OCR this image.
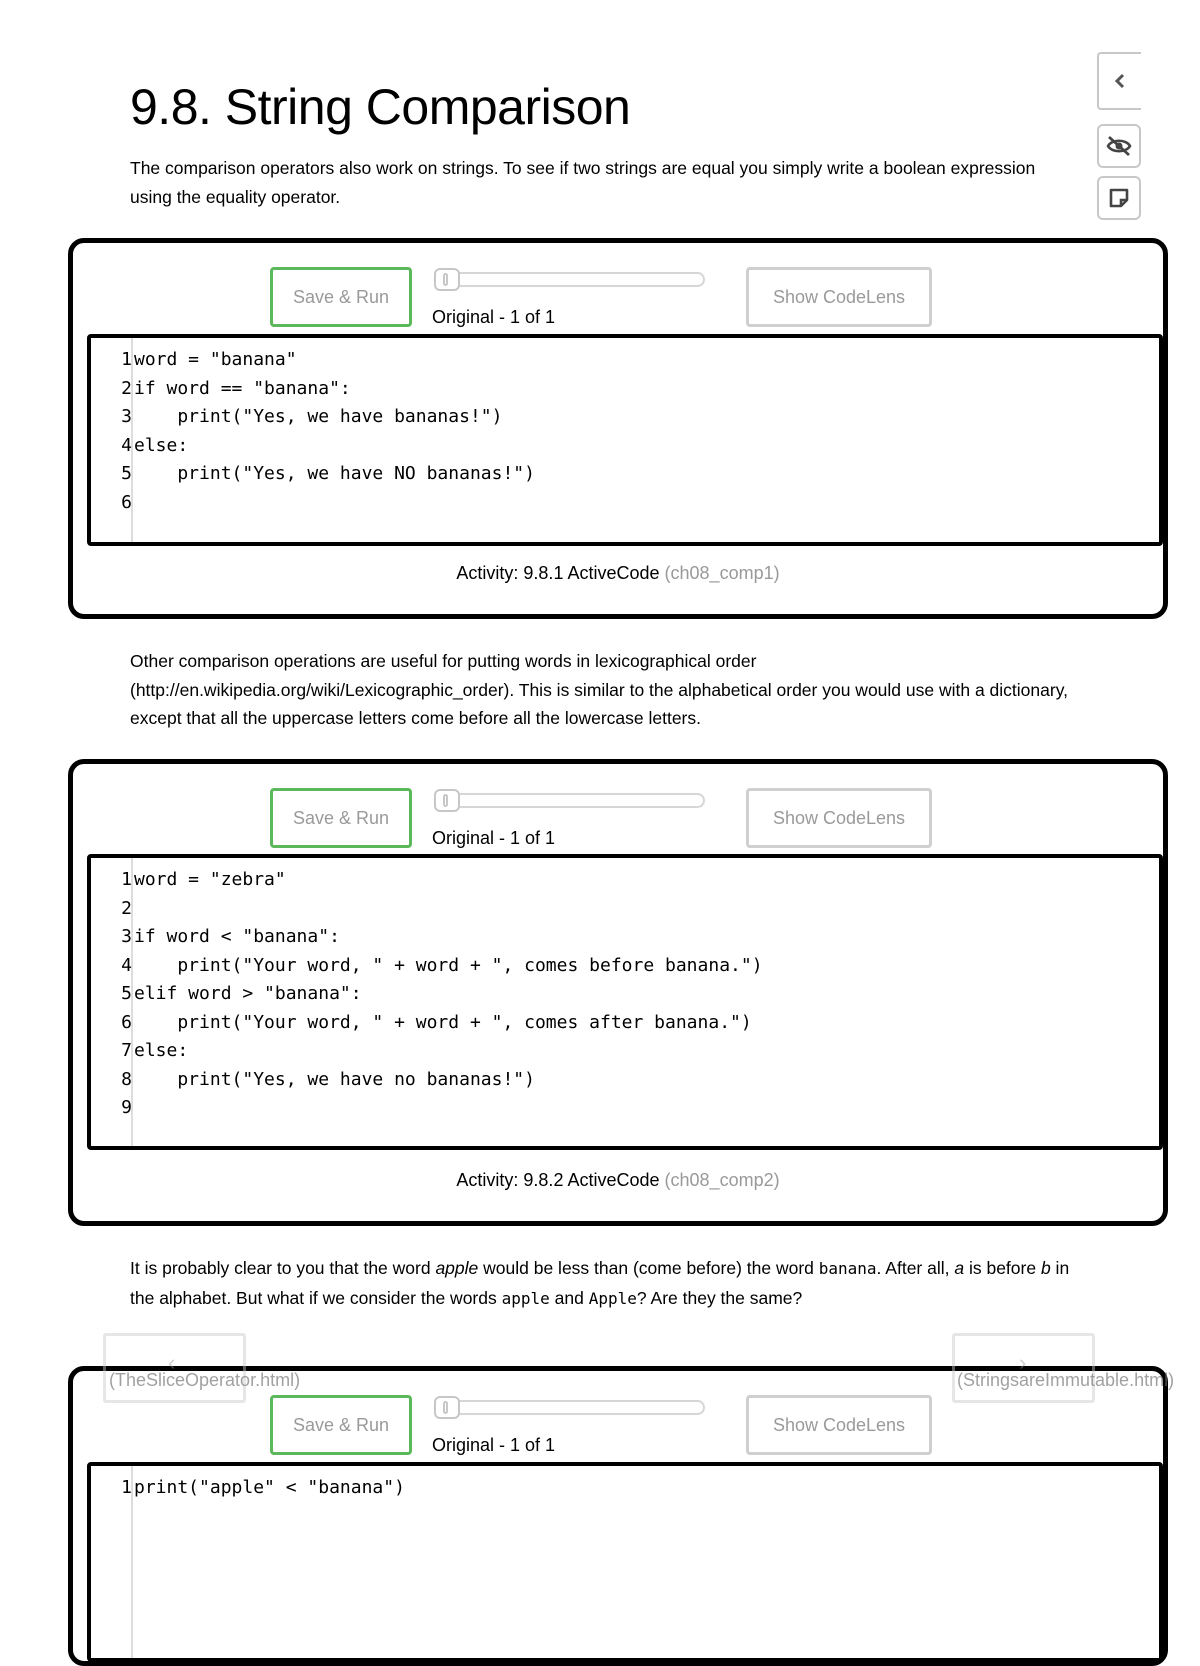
9.8. String Comparison

The comparison operators also work on strings. To see if two strings are equal you simply write a boolean expression using the equality operator.

Save & Run
Original - 1 of 1
Show CodeLens
1 word = "banana"
2 if word == "banana":
3    print("Yes, we have bananas!")
4 else:
5    print("Yes, we have NO bananas!")
6
Activity: 9.8.1 ActiveCode (ch08_comp1)

Other comparison operations are useful for putting words in lexicographical order (http://en.wikipedia.org/wiki/Lexicographic_order). This is similar to the alphabetical order you would use with a dictionary, except that all the uppercase letters come before all the lowercase letters.

Save & Run
Original - 1 of 1
Show CodeLens
1 word = "zebra"
2
3 if word < "banana":
4    print("Your word, " + word + ", comes before banana.")
5 elif word > "banana":
6    print("Your word, " + word + ", comes after banana.")
7 else:
8    print("Yes, we have no bananas!")
9
Activity: 9.8.2 ActiveCode (ch08_comp2)

It is probably clear to you that the word apple would be less than (come before) the word banana. After all, a is before b in the alphabet. But what if we consider the words apple and Apple? Are they the same?

Save & Run
Original - 1 of 1
Show CodeLens
1 print("apple" < "banana")
‹
(TheSliceOperator.html)
›
(StringsareImmutable.html)
